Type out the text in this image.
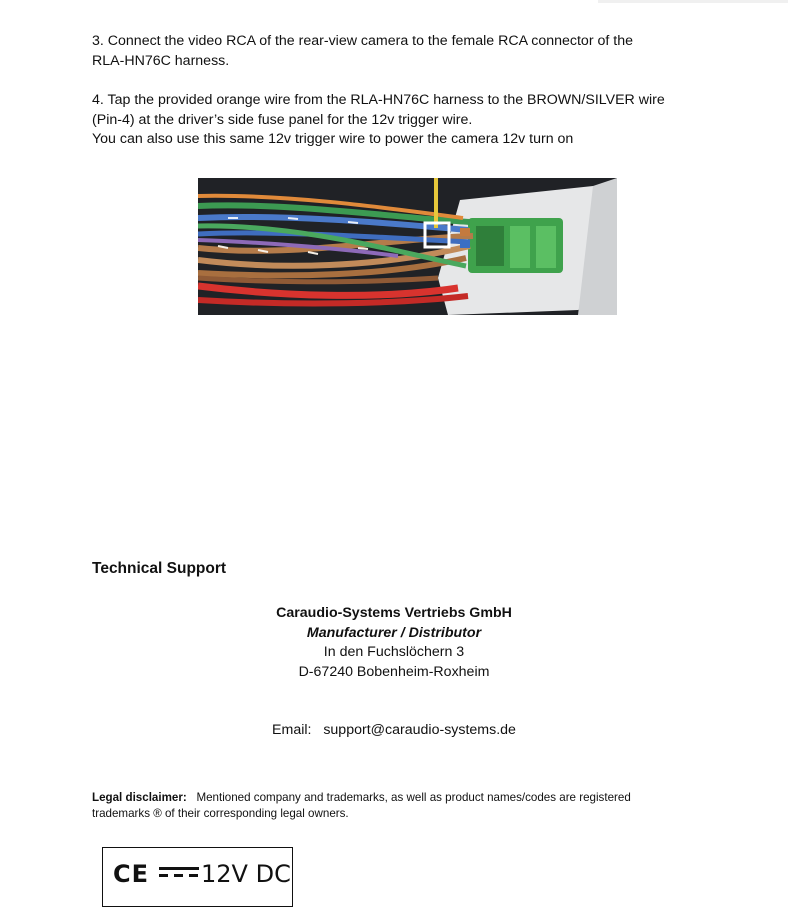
3. Connect the video RCA of the rear-view camera to the female RCA connector of the

RLA-HN76C harness.

4. Tap the provided orange wire from the RLA-HN76C harness to the BROWN/SILVER wire

(Pin-4) at the driver’s side fuse panel for the 12v trigger wire.

You can also use this same 12v trigger wire to power the camera 12v turn on

Technical Support
Caraudio-Systems Vertriebs GmbH
Manufacturer / Distributor
In den Fuchslöchern 3
D-67240 Bobenheim-Roxheim
Email: support@caraudio-systems.de
Legal disclaimer: Mentioned company and trademarks, as well as product names/codes are registered
trademarks ® of their corresponding legal owners.
CE 12V DC
